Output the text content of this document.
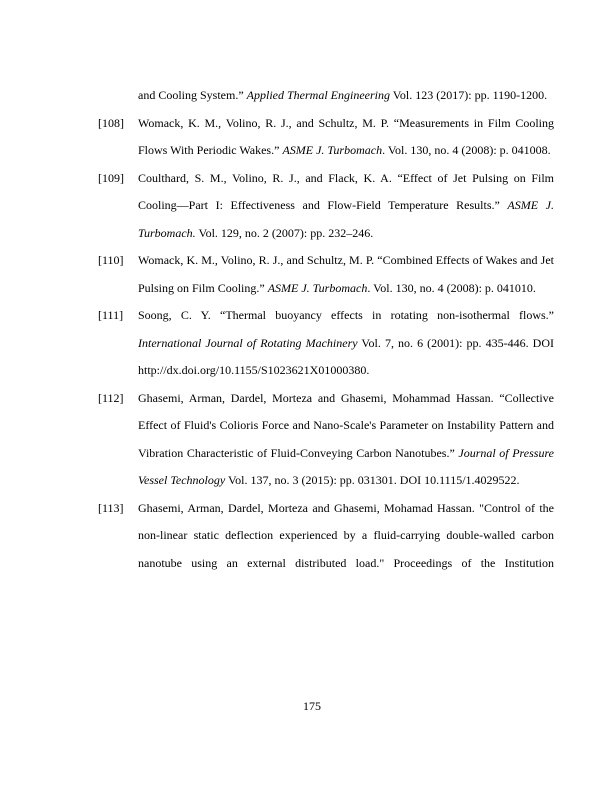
and Cooling System.” Applied Thermal Engineering Vol. 123 (2017): pp. 1190-1200.
[108] Womack, K. M., Volino, R. J., and Schultz, M. P. “Measurements in Film Cooling Flows With Periodic Wakes.” ASME J. Turbomach. Vol. 130, no. 4 (2008): p. 041008.
[109] Coulthard, S. M., Volino, R. J., and Flack, K. A. “Effect of Jet Pulsing on Film Cooling—Part I: Effectiveness and Flow-Field Temperature Results.” ASME J. Turbomach. Vol. 129, no. 2 (2007): pp. 232–246.
[110] Womack, K. M., Volino, R. J., and Schultz, M. P. “Combined Effects of Wakes and Jet Pulsing on Film Cooling.” ASME J. Turbomach. Vol. 130, no. 4 (2008): p. 041010.
[111] Soong, C. Y. “Thermal buoyancy effects in rotating non-isothermal flows.” International Journal of Rotating Machinery Vol. 7, no. 6 (2001): pp. 435-446. DOI http://dx.doi.org/10.1155/S1023621X01000380.
[112] Ghasemi, Arman, Dardel, Morteza and Ghasemi, Mohammad Hassan. “Collective Effect of Fluid's Colioris Force and Nano-Scale's Parameter on Instability Pattern and Vibration Characteristic of Fluid-Conveying Carbon Nanotubes.” Journal of Pressure Vessel Technology Vol. 137, no. 3 (2015): pp. 031301. DOI 10.1115/1.4029522.
[113] Ghasemi, Arman, Dardel, Morteza and Ghasemi, Mohamad Hassan. "Control of the non-linear static deflection experienced by a fluid-carrying double-walled carbon nanotube using an external distributed load." Proceedings of the Institution
175
